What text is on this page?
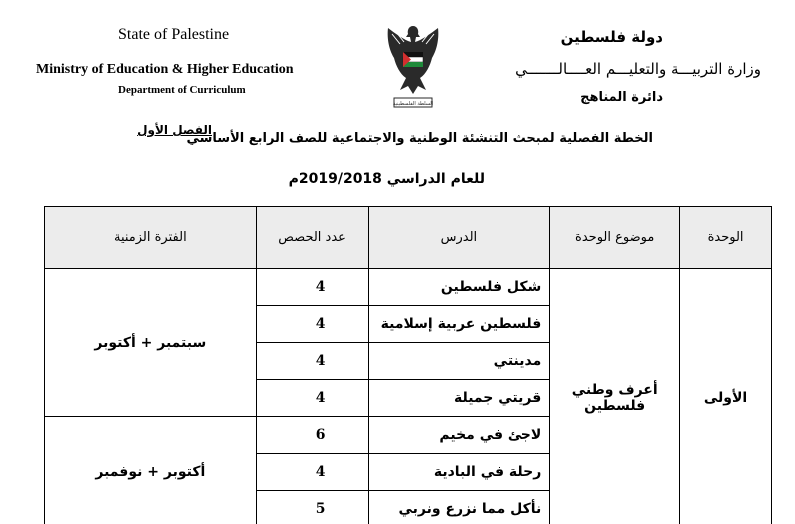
State of Palestine
Ministry of Education & Higher Education
Department of Curriculum
السلطة الفلسطينية
دولة فلسطين
وزارة التربيـــة والتعليـــم العــــالـــــــي
دائرة المناهج
الفصل الأول
الخطة الفصلية لمبحث التنشئة الوطنية والاجتماعية للصف الرابع الأساسي
للعام الدراسي 2019/2018م
الوحدة	موضوع الوحدة	الدرس	عدد الحصص	الفترة الزمنية
الأولى	أعرف وطني فلسطين	شكل فلسطين	4	سبتمبر + أكتوبر
		فلسطين عربية إسلامية	4	
		مدينتي	4	
		قريتي جميلة	4	
		لاجئ في مخيم	6	أكتوبر + نوفمبر
		رحلة في البادية	4	
		نأكل مما نزرع ونربي	5	
